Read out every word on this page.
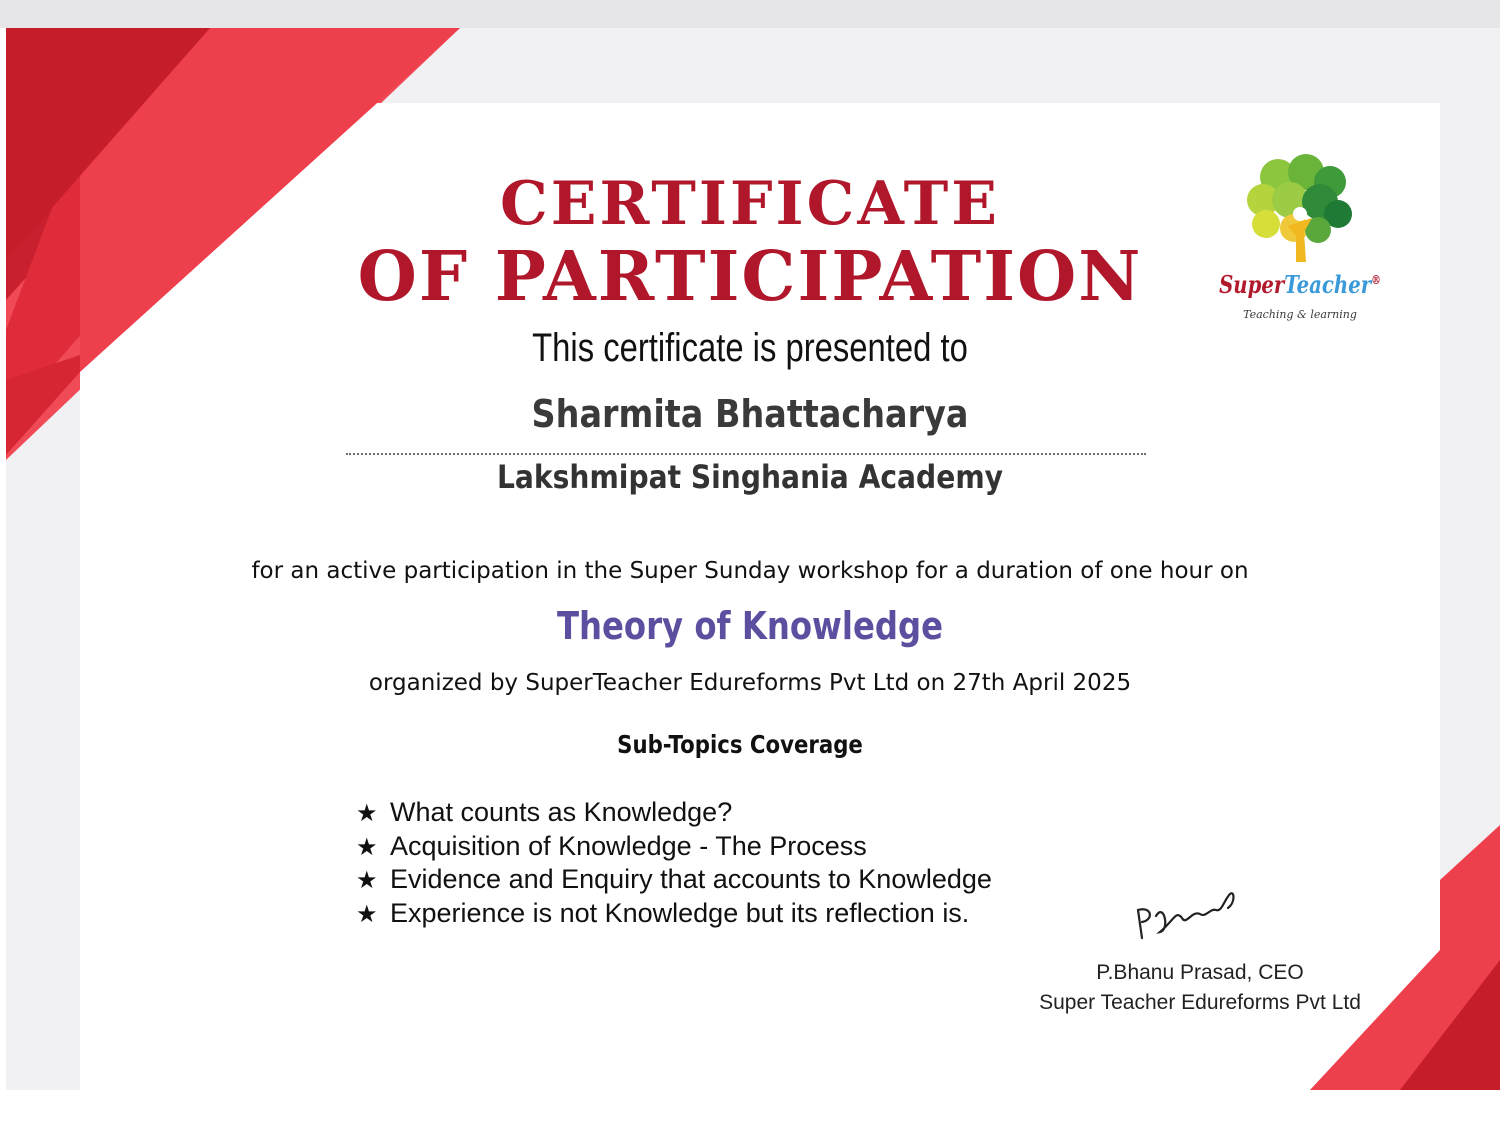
SuperTeacher®
Teaching & learning
CERTIFICATE
OF PARTICIPATION
This certificate is presented to
Sharmita Bhattacharya
Lakshmipat Singhania Academy
for an active participation in the Super Sunday workshop for a duration of one hour on
Theory of Knowledge
organized by SuperTeacher Edureforms Pvt Ltd on 27th April 2025
Sub-Topics Coverage
★ What counts as Knowledge?
★ Acquisition of Knowledge - The Process
★ Evidence and Enquiry that accounts to Knowledge
★ Experience is not Knowledge but its reflection is.
P.Bhanu Prasad, CEO
Super Teacher Edureforms Pvt Ltd
